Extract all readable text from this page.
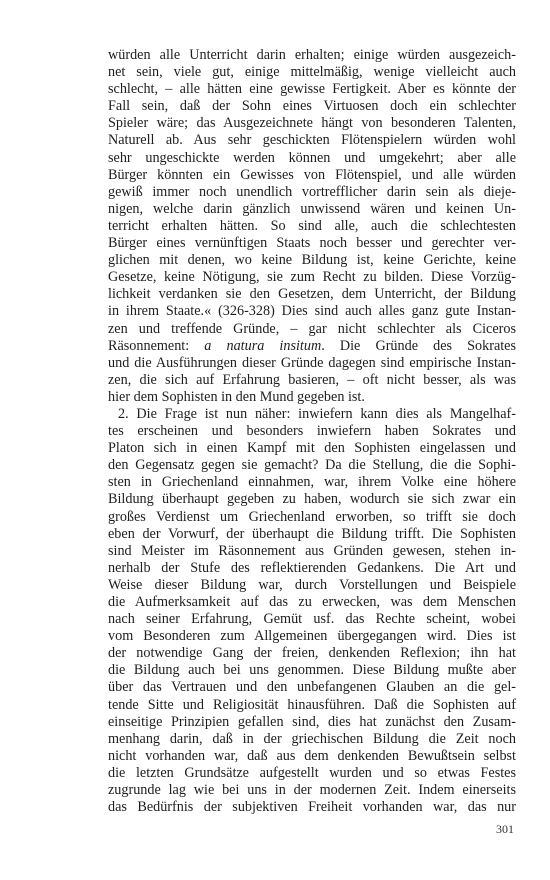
würden alle Unterricht darin erhalten; einige würden ausgezeich-
net sein, viele gut, einige mittelmäßig, wenige vielleicht auch
schlecht, – alle hätten eine gewisse Fertigkeit. Aber es könnte der
Fall sein, daß der Sohn eines Virtuosen doch ein schlechter
Spieler wäre; das Ausgezeichnete hängt von besonderen Talenten,
Naturell ab. Aus sehr geschickten Flötenspielern würden wohl
sehr ungeschickte werden können und umgekehrt; aber alle
Bürger könnten ein Gewisses von Flötenspiel, und alle würden
gewiß immer noch unendlich vortrefflicher darin sein als dieje-
nigen, welche darin gänzlich unwissend wären und keinen Un-
terricht erhalten hätten. So sind alle, auch die schlechtesten
Bürger eines vernünftigen Staats noch besser und gerechter ver-
glichen mit denen, wo keine Bildung ist, keine Gerichte, keine
Gesetze, keine Nötigung, sie zum Recht zu bilden. Diese Vorzüg-
lichkeit verdanken sie den Gesetzen, dem Unterricht, der Bildung
in ihrem Staate.« (326-328) Dies sind auch alles ganz gute Instan-
zen und treffende Gründe, – gar nicht schlechter als Ciceros
Räsonnement: a natura insitum. Die Gründe des Sokrates
und die Ausführungen dieser Gründe dagegen sind empirische Instan-
zen, die sich auf Erfahrung basieren, – oft nicht besser, als was
hier dem Sophisten in den Mund gegeben ist.
2. Die Frage ist nun näher: inwiefern kann dies als Mangelhaf-
tes erscheinen und besonders inwiefern haben Sokrates und
Platon sich in einen Kampf mit den Sophisten eingelassen und
den Gegensatz gegen sie gemacht? Da die Stellung, die die Sophi-
sten in Griechenland einnahmen, war, ihrem Volke eine höhere
Bildung überhaupt gegeben zu haben, wodurch sie sich zwar ein
großes Verdienst um Griechenland erworben, so trifft sie doch
eben der Vorwurf, der überhaupt die Bildung trifft. Die Sophisten
sind Meister im Räsonnement aus Gründen gewesen, stehen in-
nerhalb der Stufe des reflektierenden Gedankens. Die Art und
Weise dieser Bildung war, durch Vorstellungen und Beispiele
die Aufmerksamkeit auf das zu erwecken, was dem Menschen
nach seiner Erfahrung, Gemüt usf. das Rechte scheint, wobei
vom Besonderen zum Allgemeinen übergegangen wird. Dies ist
der notwendige Gang der freien, denkenden Reflexion; ihn hat
die Bildung auch bei uns genommen. Diese Bildung mußte aber
über das Vertrauen und den unbefangenen Glauben an die gel-
tende Sitte und Religiosität hinausführen. Daß die Sophisten auf
einseitige Prinzipien gefallen sind, dies hat zunächst den Zusam-
menhang darin, daß in der griechischen Bildung die Zeit noch
nicht vorhanden war, daß aus dem denkenden Bewußtsein selbst
die letzten Grundsätze aufgestellt wurden und so etwas Festes
zugrunde lag wie bei uns in der modernen Zeit. Indem einerseits
das Bedürfnis der subjektiven Freiheit vorhanden war, das nur
301
